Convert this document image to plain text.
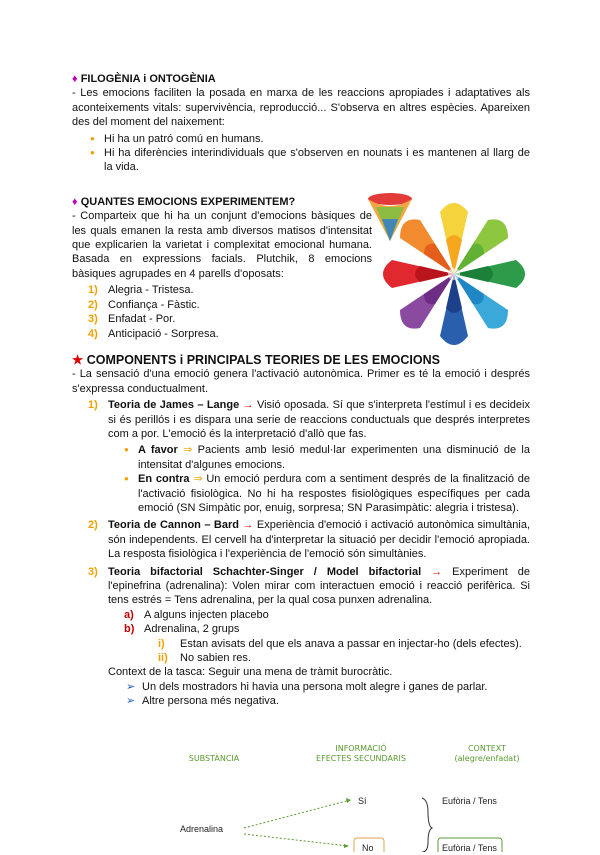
♦ FILOGÈNIA i ONTOGÈNIA

- Les emocions faciliten la posada en marxa de les reaccions apropiades i adaptatives als aconteixements vitals: supervivència, reproducció... S'observa en altres espècies. Apareixen des del moment del naixement:

● Hi ha un patró comú en humans.
● Hi ha diferències interindividuals que s'observen en nounats i es mantenen al llarg de la vida.

♦ QUANTES EMOCIONS EXPERIMENTEM?

- Comparteix que hi ha un conjunt d'emocions bàsiques de les quals emanen la resta amb diversos matisos d'intensitat que explicarien la varietat i complexitat emocional humana. Basada en expressions facials. Plutchik, 8 emocions bàsiques agrupades en 4 parells d'oposats:

1) Alegria - Tristesa.
2) Confiança - Fàstic.
3) Enfadat - Por.
4) Anticipació - Sorpresa.

★ COMPONENTS i PRINCIPALS TEORIES DE LES EMOCIONS

- La sensació d'una emoció genera l'activació autonòmica. Primer es té la emoció i després s'expressa conductualment.

1) Teoria de James – Lange → Visió oposada. Sí que s'interpreta l'estímul i es decideix si és perillós i es dispara una serie de reaccions conductuals que després interpretes com a por. L'emoció és la interpretació d'allò que fas.
● A favor ⇒ Pacients amb lesió medul·lar experimenten una disminució de la intensitat d'algunes emocions.
● En contra ⇒ Un emoció perdura com a sentiment després de la finalització de l'activació fisiològica. No hi ha respostes fisiològiques específiques per cada emoció (SN Simpàtic por, enuig, sorpresa; SN Parasimpàtic: alegria i tristesa).
2) Teoria de Cannon – Bard → Experiència d'emoció i activació autonòmica simultània, són independents. El cervell ha d'interpretar la situació per decidir l'emoció apropiada. La resposta fisiològica i l'experiència de l'emoció són simultànies.
3) Teoria bifactorial Schachter-Singer / Model bifactorial → Experiment de l'epinefrina (adrenalina): Volen mirar com interactuen emoció i reacció perifèrica. Si tens estrés = Tens adrenalina, per la qual cosa punxen adrenalina.
a) A alguns injecten placebo
b) Adrenalina, 2 grups
i) Estan avisats del que els anava a passar en injectar-ho (dels efectes).
ii) No sabien res.
Context de la tasca: Seguir una mena de tràmit burocràtic.
➢ Un dels mostradors hi havia una persona molt alegre i ganes de parlar.
➢ Altre persona més negativa.
SUBSTÀNCIA
INFORMACIÓ
EFECTES SECUNDARIS
CONTEXT
(alegre/enfadat)
Adrenalina
Sí
No
Eufòria / Tens
Eufòria / Tens
